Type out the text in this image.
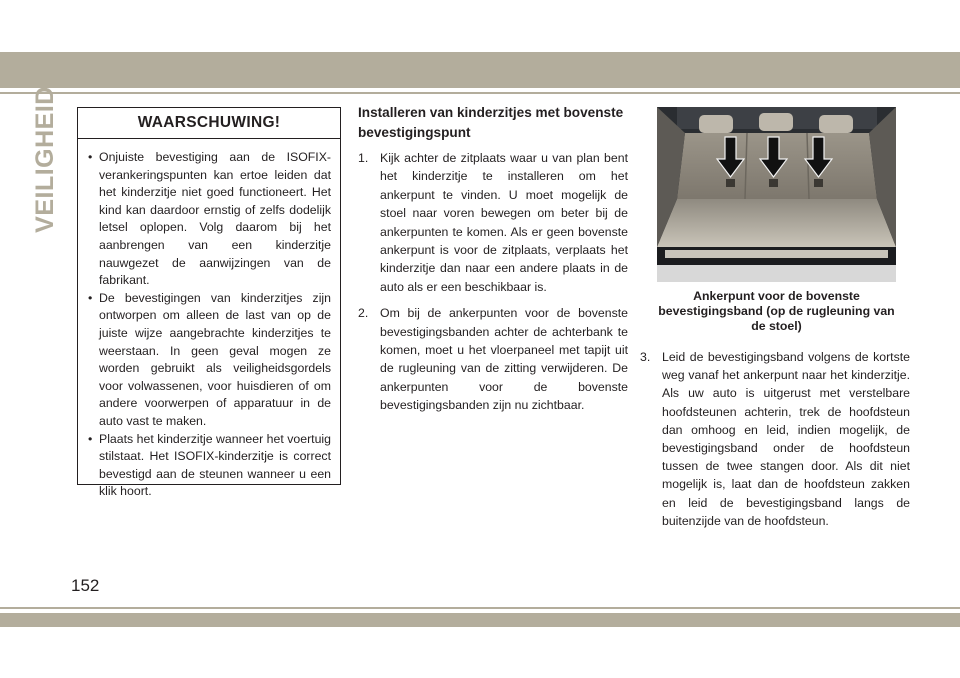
VEILIGHEID	WAARSCHUWING!
• Onjuiste bevestiging aan de ISOFIX-verankeringspunten kan ertoe leiden dat het kinderzitje niet goed functioneert. Het kind kan daardoor ernstig of zelfs dodelijk letsel oplopen. Volg daarom bij het aanbrengen van een kinderzitje nauwgezet de aanwijzingen van de fabrikant.
• De bevestigingen van kinderzitjes zijn ontworpen om alleen de last van op de juiste wijze aangebrachte kinderzitjes te weerstaan. In geen geval mogen ze worden gebruikt als veiligheidsgordels voor volwassenen, voor huisdieren of om andere voorwerpen of apparatuur in de auto vast te maken.
• Plaats het kinderzitje wanneer het voertuig stilstaat. Het ISOFIX-kinderzitje is correct bevestigd aan de steunen wanneer u een klik hoort.
Installeren van kinderzitjes met bovenste bevestigingspunt
1. Kijk achter de zitplaats waar u van plan bent het kinderzitje te installeren om het ankerpunt te vinden. U moet mogelijk de stoel naar voren bewegen om beter bij de ankerpunten te komen. Als er geen bovenste ankerpunt is voor de zitplaats, verplaats het kinderzitje dan naar een andere plaats in de auto als er een beschikbaar is.
2. Om bij de ankerpunten voor de bovenste bevestigingsbanden achter de achterbank te komen, moet u het vloerpaneel met tapijt uit de rugleuning van de zitting verwijderen. De ankerpunten voor de bovenste bevestigingsbanden zijn nu zichtbaar.
Ankerpunt voor de bovenste bevestigingsband (op de rugleuning van de stoel)
3. Leid de bevestigingsband volgens de kortste weg vanaf het ankerpunt naar het kinderzitje. Als uw auto is uitgerust met verstelbare hoofdsteunen achterin, trek de hoofdsteun dan omhoog en leid, indien mogelijk, de bevestigingsband onder de hoofdsteun tussen de twee stangen door. Als dit niet mogelijk is, laat dan de hoofdsteun zakken en leid de bevestigingsband langs de buitenzijde van de hoofdsteun.
152
